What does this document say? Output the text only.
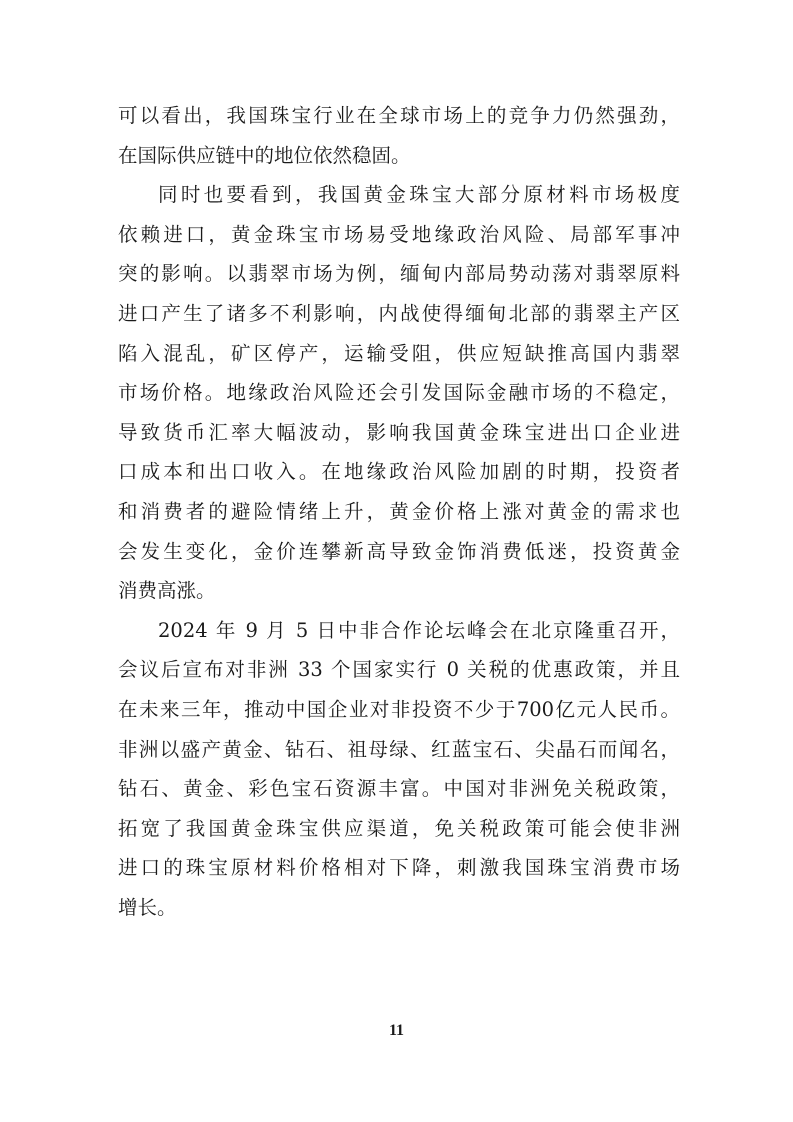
可以看出，我国珠宝行业在全球市场上的竞争力仍然强劲，
在国际供应链中的地位依然稳固。
同时也要看到，我国黄金珠宝大部分原材料市场极度
依赖进口，黄金珠宝市场易受地缘政治风险、局部军事冲
突的影响。以翡翠市场为例，缅甸内部局势动荡对翡翠原料
进口产生了诸多不利影响，内战使得缅甸北部的翡翠主产区
陷入混乱，矿区停产，运输受阻，供应短缺推高国内翡翠
市场价格。地缘政治风险还会引发国际金融市场的不稳定，
导致货币汇率大幅波动，影响我国黄金珠宝进出口企业进
口成本和出口收入。在地缘政治风险加剧的时期，投资者
和消费者的避险情绪上升，黄金价格上涨对黄金的需求也
会发生变化，金价连攀新高导致金饰消费低迷，投资黄金
消费高涨。
2024 年 9 月 5 日中非合作论坛峰会在北京隆重召开，
会议后宣布对非洲 33 个国家实行 0 关税的优惠政策，并且
在未来三年，推动中国企业对非投资不少于700亿元人民币。
非洲以盛产黄金、钻石、祖母绿、红蓝宝石、尖晶石而闻名，
钻石、黄金、彩色宝石资源丰富。中国对非洲免关税政策，
拓宽了我国黄金珠宝供应渠道，免关税政策可能会使非洲
进口的珠宝原材料价格相对下降，刺激我国珠宝消费市场
增长。
11
